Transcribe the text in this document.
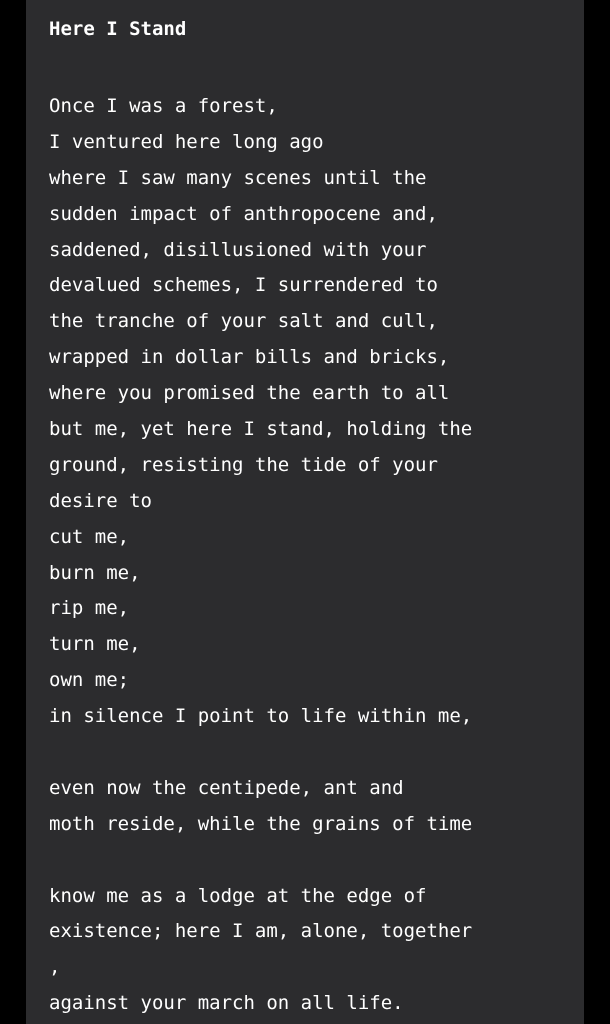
Here I Stand
Once I was a forest,
I ventured here long ago
where I saw many scenes until the
sudden impact of anthropocene and,
saddened, disillusioned with your
devalued schemes, I surrendered to
the tranche of your salt and cull,
wrapped in dollar bills and bricks,
where you promised the earth to all
but me, yet here I stand, holding the
ground, resisting the tide of your
desire to
cut me,
burn me,
rip me,
turn me,
own me;
in silence I point to life within me,
even now the centipede, ant and
moth reside, while the grains of time
know me as a lodge at the edge of
existence; here I am, alone, together
,
against your march on all life.
